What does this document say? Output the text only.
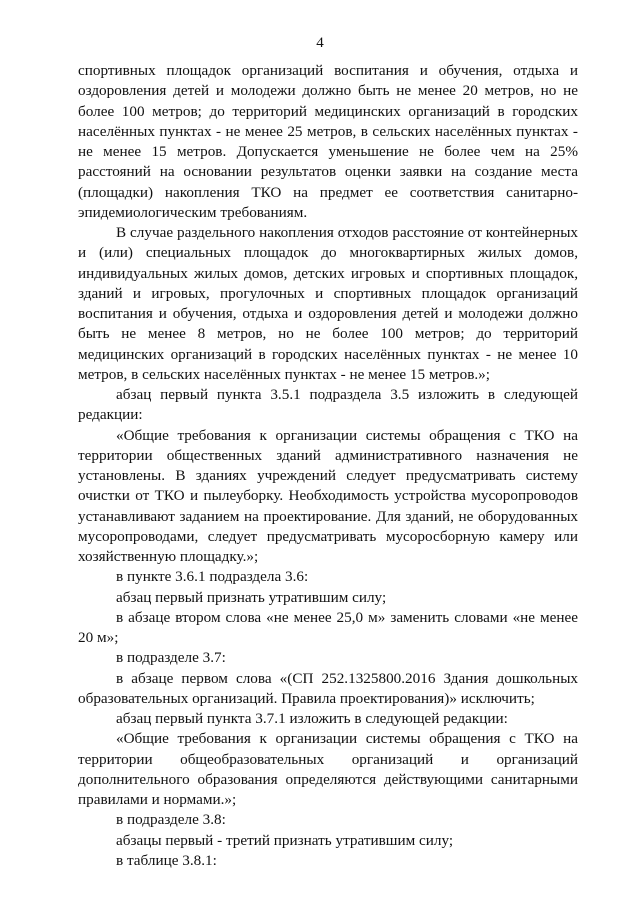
4

спортивных площадок организаций воспитания и обучения, отдыха и оздоровления детей и молодежи должно быть не менее 20 метров, но не более 100 метров; до территорий медицинских организаций в городских населённых пунктах - не менее 25 метров, в сельских населённых пунктах - не менее 15 метров. Допускается уменьшение не более чем на 25% расстояний на основании результатов оценки заявки на создание места (площадки) накопления ТКО на предмет ее соответствия санитарно-эпидемиологическим требованиям.

В случае раздельного накопления отходов расстояние от контейнерных и (или) специальных площадок до многоквартирных жилых домов, индивидуальных жилых домов, детских игровых и спортивных площадок, зданий и игровых, прогулочных и спортивных площадок организаций воспитания и обучения, отдыха и оздоровления детей и молодежи должно быть не менее 8 метров, но не более 100 метров; до территорий медицинских организаций в городских населённых пунктах - не менее 10 метров, в сельских населённых пунктах - не менее 15 метров.»;

абзац первый пункта 3.5.1 подраздела 3.5 изложить в следующей редакции:

«Общие требования к организации системы обращения с ТКО на территории общественных зданий административного назначения не установлены. В зданиях учреждений следует предусматривать систему очистки от ТКО и пылеуборку. Необходимость устройства мусоропроводов устанавливают заданием на проектирование. Для зданий, не оборудованных мусоропроводами, следует предусматривать мусоросборную камеру или хозяйственную площадку.»;

в пункте 3.6.1 подраздела 3.6:

абзац первый признать утратившим силу;

в абзаце втором слова «не менее 25,0 м» заменить словами «не менее 20 м»;

в подразделе 3.7:

в абзаце первом слова «(СП 252.1325800.2016 Здания дошкольных образовательных организаций. Правила проектирования)» исключить;

абзац первый пункта 3.7.1 изложить в следующей редакции:

«Общие требования к организации системы обращения с ТКО на территории общеобразовательных организаций и организаций дополнительного образования определяются действующими санитарными правилами и нормами.»;

в подразделе 3.8:

абзацы первый - третий признать утратившим силу;

в таблице 3.8.1:
